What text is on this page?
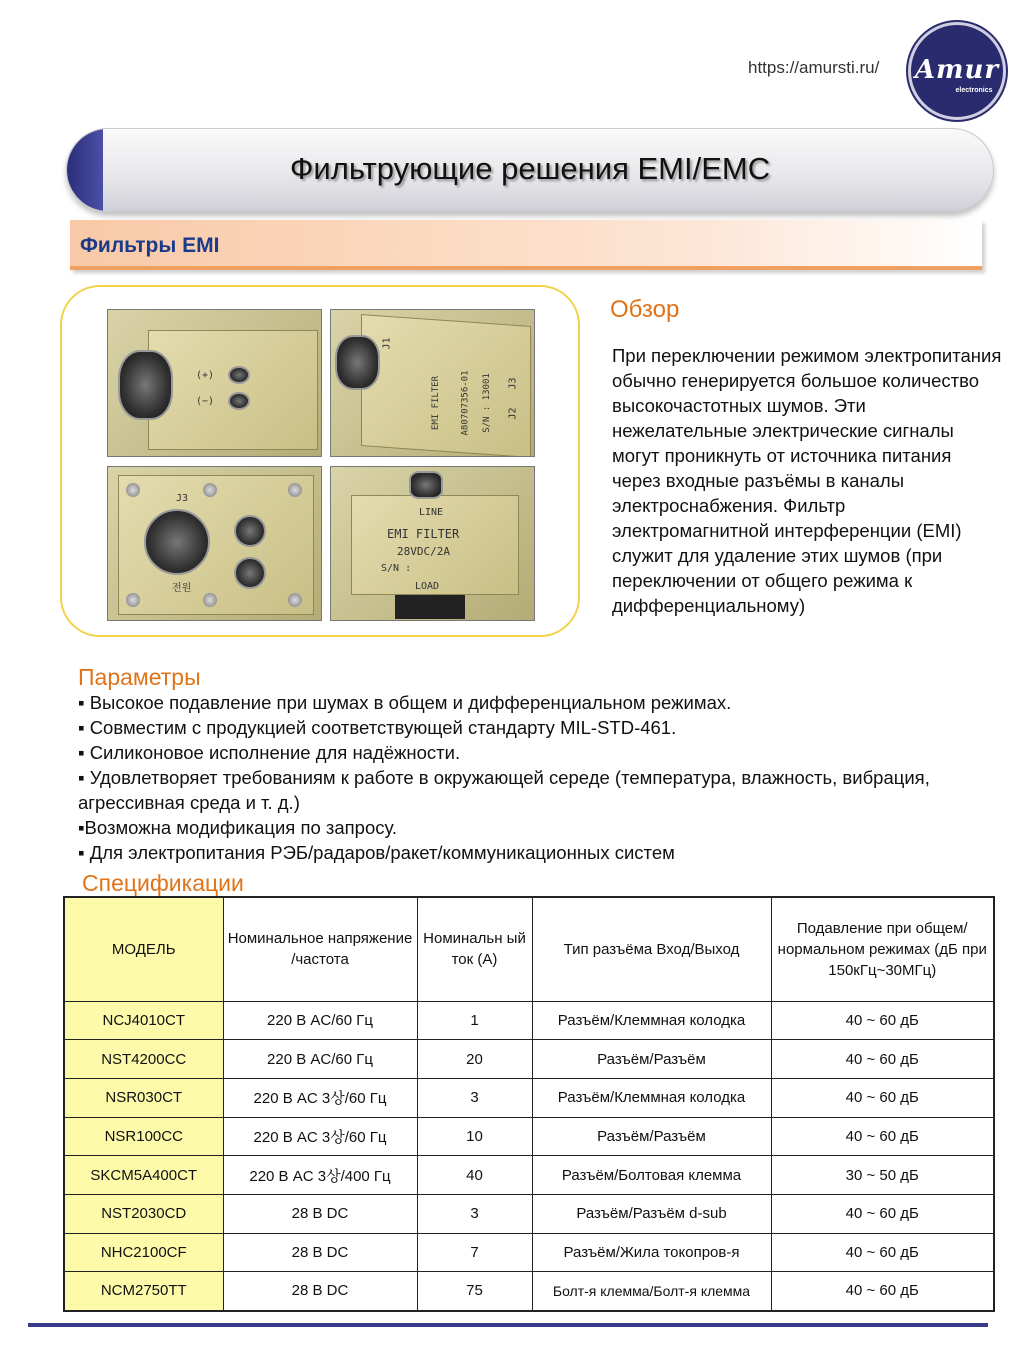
https://amursti.ru/ Amur
electronics
Фильтрующие решения EMI/EMC
Фильтры EMI
(+)
(−)
J1
EMI FILTER A80707356-01 S/N : 13001 J3
J2
J3
전원
LINE
EMI FILTER
28VDC/2A
S/N :
LOAD
Обзор
При переключении режимом электропитания обычно генерируется большое количество высокочастотных шумов. Эти нежелательные электрические сигналы могут проникнуть от источника питания через входные разъёмы в каналы электроснабжения. Фильтр электромагнитной интерференции (EMI) служит для удаление этих шумов (при переключении от общего режима к дифференциальному)
Параметры
▪ Высокое подавление при шумах в общем и дифференциальном режимах.
▪ Совместим с продукцией соответствующей стандарту MIL-STD-461.
▪ Силиконовое исполнение для надёжности.
▪ Удовлетворяет требованиям к работе в окружающей середе (температура, влажность, вибрация, агрессивная среда и т. д.)
▪Возможна модификация по запросу.
▪ Для электропитания РЭБ/радаров/ракет/коммуникационных систем
Спецификации
МОДЕЛЬ	Номинальное напряжение /частота	Номинальн ый ток (А)	Тип разъёма Вход/Выход	Подавление при общем/нормальном режимах (дБ при 150кГц~30МГц)
NCJ4010CT	220 В AC/60 Гц	1	Разъём/Клеммная колодка	40 ~ 60 дБ
NST4200CC	220 В AC/60 Гц	20	Разъём/Разъём	40 ~ 60 дБ
NSR030CT	220 В AC 3상/60 Гц	3	Разъём/Клеммная колодка	40 ~ 60 дБ
NSR100CC	220 В AC 3상/60 Гц	10	Разъём/Разъём	40 ~ 60 дБ
SKCM5A400CT	220 В AC 3상/400 Гц	40	Разъём/Болтовая клемма	30 ~ 50 дБ
NST2030CD	28 В DC	3	Разъём/Разъём d-sub	40 ~ 60 дБ
NHC2100CF	28 В DC	7	Разъём/Жила токопров-я	40 ~ 60 дБ
NCM2750TT	28 В DC	75	Болт-я клемма/Болт-я клемма	40 ~ 60 дБ
